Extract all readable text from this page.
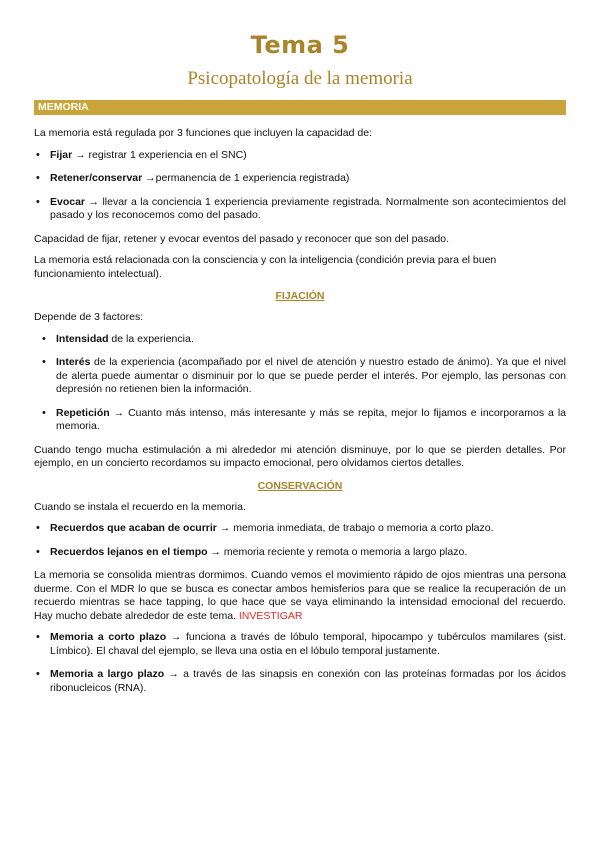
Tema 5
Psicopatología de la memoria
MEMORIA

La memoria está regulada por 3 funciones que incluyen la capacidad de:

• Fijar → registrar 1 experiencia en el SNC)
• Retener/conservar →permanencia de 1 experiencia registrada)
• Evocar → llevar a la conciencia 1 experiencia previamente registrada. Normalmente son acontecimientos del pasado y los reconocemos como del pasado.

Capacidad de fijar, retener y evocar eventos del pasado y reconocer que son del pasado.

La memoria está relacionada con la consciencia y con la inteligencia (condición previa para el buen funcionamiento intelectual).

FIJACIÓN

Depende de 3 factores:

• Intensidad de la experiencia.
• Interés de la experiencia (acompañado por el nivel de atención y nuestro estado de ánimo). Ya que el nivel de alerta puede aumentar o disminuir por lo que se puede perder el interés. Por ejemplo, las personas con depresión no retienen bien la información.
• Repetición → Cuanto más intenso, más interesante y más se repita, mejor lo fijamos e incorporamos a la memoria.

Cuando tengo mucha estimulación a mi alrededor mi atención disminuye, por lo que se pierden detalles. Por ejemplo, en un concierto recordamos su impacto emocional, pero olvidamos ciertos detalles.

CONSERVACIÓN

Cuando se instala el recuerdo en la memoria.

• Recuerdos que acaban de ocurrir → memoria inmediata, de trabajo o memoria a corto plazo.
• Recuerdos lejanos en el tiempo → memoria reciente y remota o memoria a largo plazo.

La memoria se consolida mientras dormimos. Cuando vemos el movimiento rápido de ojos mientras una persona duerme. Con el MDR lo que se busca es conectar ambos hemisferios para que se realice la recuperación de un recuerdo mientras se hace tapping, lo que hace que se vaya eliminando la intensidad emocional del recuerdo. Hay mucho debate alrededor de este tema. INVESTIGAR

• Memoria a corto plazo → funciona a través de lóbulo temporal, hipocampo y tubérculos mamilares (sist. Límbico). El chaval del ejemplo, se lleva una ostia en el lóbulo temporal justamente.
• Memoria a largo plazo → a través de las sinapsis en conexión con las proteínas formadas por los ácidos ribonucleicos (RNA).
